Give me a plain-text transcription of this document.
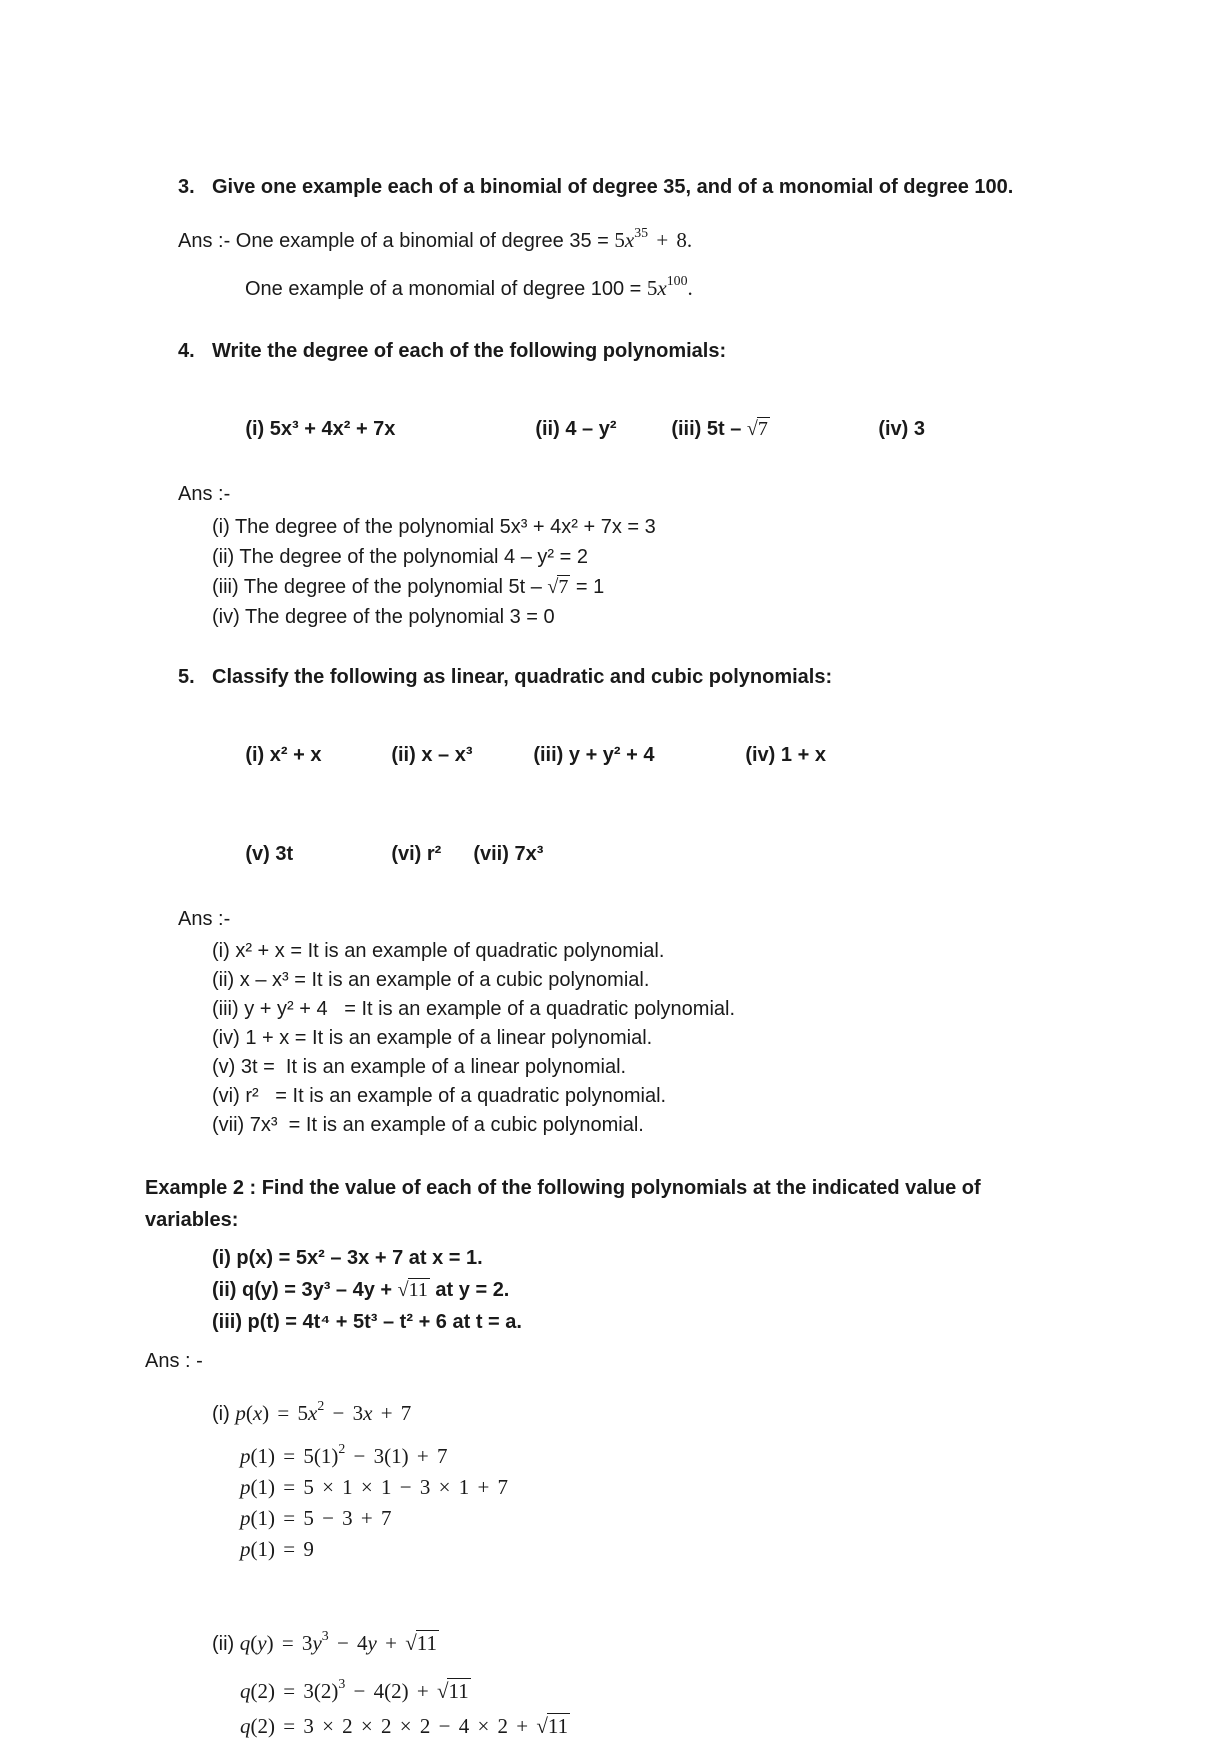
3. Give one example each of a binomial of degree 35, and of a monomial of degree 100.
Ans :- One example of a binomial of degree $35 = 5x^{35} + 8$.
One example of a monomial of degree $100 = 5x^{100}$.
4. Write the degree of each of the following polynomials:

(i) 5x³ + 4x² + 7x	(ii) 4 – y²	(iii) 5t – √7	(iv) 3

Ans :-
(i) The degree of the polynomial 5x³ + 4x² + 7x = 3
(ii) The degree of the polynomial 4 – y² = 2
(iii) The degree of the polynomial 5t – √7 = 1
(iv) The degree of the polynomial 3 = 0
5. Classify the following as linear, quadratic and cubic polynomials:

(i) x² + x	(ii) x – x³	(iii) y + y² + 4	(iv) 1 + x

(v) 3t	(vi) r² (vii) 7x³

Ans :-
(i) x² + x = It is an example of quadratic polynomial.
(ii) x – x³ = It is an example of a cubic polynomial.
(iii) y + y² + 4   = It is an example of a quadratic polynomial.
(iv) 1 + x = It is an example of a linear polynomial.
(v) 3t =  It is an example of a linear polynomial.
(vi) r²   = It is an example of a quadratic polynomial.
(vii) 7x³  = It is an example of a cubic polynomial.
Example 2 : Find the value of each of the following polynomials at the indicated value of variables:
(i) p(x) = 5x² – 3x + 7 at x = 1.
(ii) q(y) = 3y³ – 4y + √11 at y = 2.
(iii) p(t) = 4t⁴ + 5t³ – t² + 6 at t = a.
Ans : -
(i) $p(x) = 5x^2 - 3x + 7$
$p(1) = 5(1)^2 - 3(1) + 7$
p(1) = 5 × 1 × 1 − 3 × 1 + 7
p(1) = 5 − 3 + 7
p(1) = 9
(ii) $q(y) = 3y^3 - 4y + √11$
$q(2) = 3(2)^3 - 4(2) + √11$
q(2) = 3 × 2 × 2 × 2 − 4 × 2 + √11
